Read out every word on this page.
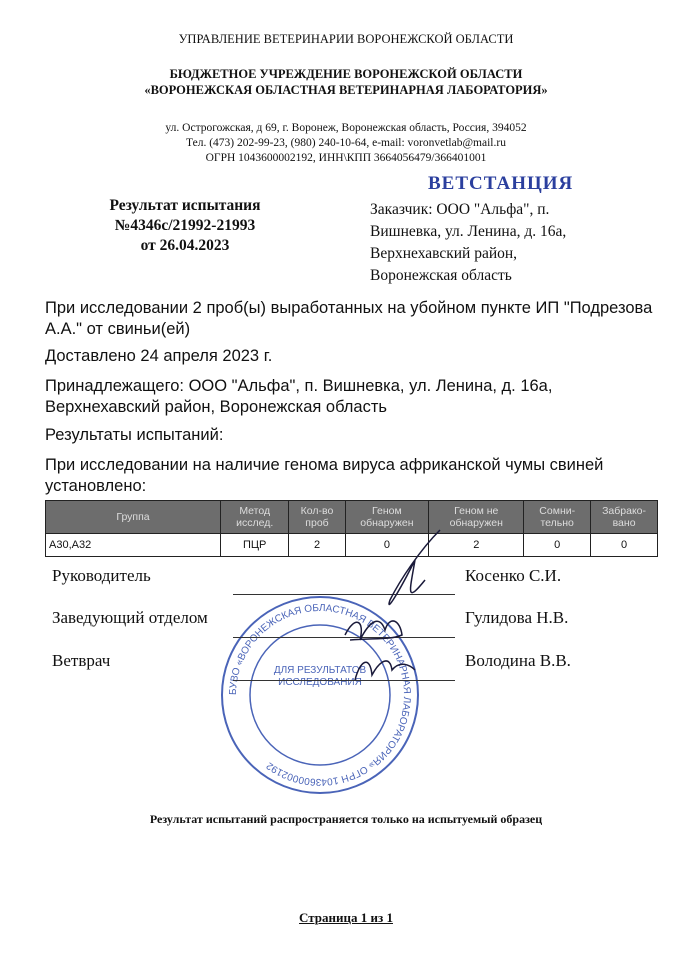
УПРАВЛЕНИЕ ВЕТЕРИНАРИИ ВОРОНЕЖСКОЙ ОБЛАСТИ
БЮДЖЕТНОЕ УЧРЕЖДЕНИЕ ВОРОНЕЖСКОЙ ОБЛАСТИ
«ВОРОНЕЖСКАЯ ОБЛАСТНАЯ ВЕТЕРИНАРНАЯ ЛАБОРАТОРИЯ»
ул. Острогожская, д 69, г. Воронеж, Воронежская область, Россия, 394052
Тел. (473) 202-99-23, (980) 240-10-64, e-mail: voronvetlab@mail.ru
ОГРН 1043600002192, ИНН\КПП 3664056479/366401001
Результат испытания
№4346с/21992-21993
от 26.04.2023
ВЕТСТАНЦИЯ
Заказчик: ООО "Альфа", п.
Вишневка, ул. Ленина, д. 16а,
Верхнехавский район,
Воронежская область
При исследовании 2 проб(ы) выработанных на убойном пункте ИП "Подрезова А.А." от свиньи(ей)
Доставлено 24 апреля 2023 г.
Принадлежащего: ООО "Альфа", п. Вишневка, ул. Ленина, д. 16а, Верхнехавский район, Воронежская область
Результаты испытаний:
При исследовании на наличие генома вируса африканской чумы свиней установлено:
Группа	Метод исслед.	Кол-во проб	Геном обнаружен	Геном не обнаружен	Сомни-тельно	Забрако-вано
А30,А32	ПЦР	2	0	2	0	0
БУВО «ВОРОНЕЖСКАЯ ОБЛАСТНАЯ ВЕТЕРИНАРНАЯ ЛАБОРАТОРИЯ» ОГРН 1043600002192
ДЛЯ РЕЗУЛЬТАТОВ ИССЛЕДОВАНИЯ
Руководитель	Косенко С.И.
Заведующий отделом	Гулидова Н.В.
Ветврач	Володина В.В.
Результат испытаний распространяется только на испытуемый образец
Страница 1 из 1
